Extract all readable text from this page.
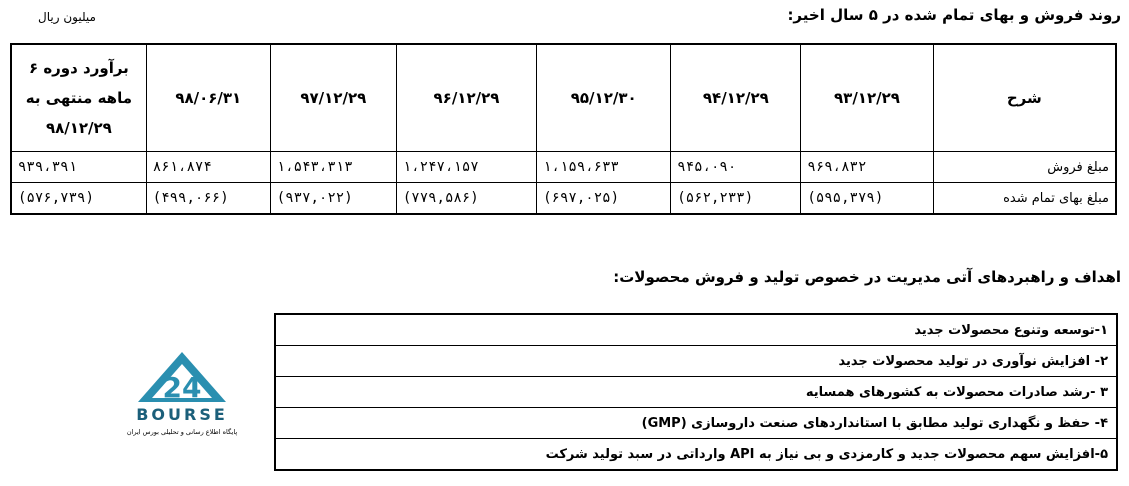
روند فروش و بهای تمام شده در ۵ سال اخیر:
میلیون ریال
شرح	۹۳/۱۲/۲۹	۹۴/۱۲/۲۹	۹۵/۱۲/۳۰	۹۶/۱۲/۲۹	۹۷/۱۲/۲۹	۹۸/۰۶/۳۱	برآورد دوره ۶ ماهه منتهی به ۹۸/۱۲/۲۹
مبلغ فروش	۹۶۹،۸۳۲	۹۴۵،۰۹۰	۱،۱۵۹،۶۳۳	۱،۲۴۷،۱۵۷	۱،۵۴۳،۳۱۳	۸۶۱،۸۷۴	۹۳۹،۳۹۱
مبلغ بهای تمام شده	(۵۹۵,۳۷۹)	(۵۶۲,۲۳۳)	(۶۹۷,۰۲۵)	(۷۷۹,۵۸۶)	(۹۳۷,۰۲۲)	(۴۹۹,۰۶۶)	(۵۷۶,۷۳۹)
اهداف و راهبردهای آتی مدیریت در خصوص تولید و فروش محصولات:
۱-توسعه وتنوع محصولات جدید
۲- افزایش نوآوری در تولید محصولات جدید
۳ -رشد صادرات محصولات به کشورهای همسایه
۴- حفظ و نگهداری تولید مطابق با استانداردهای صنعت داروسازی (GMP)
۵-افزایش سهم محصولات جدید و کارمزدی و بی نیاز به API وارداتی در سبد تولید شرکت
24
BOURSE
پایگاه اطلاع رسانی و تحلیلی بورس ایران
